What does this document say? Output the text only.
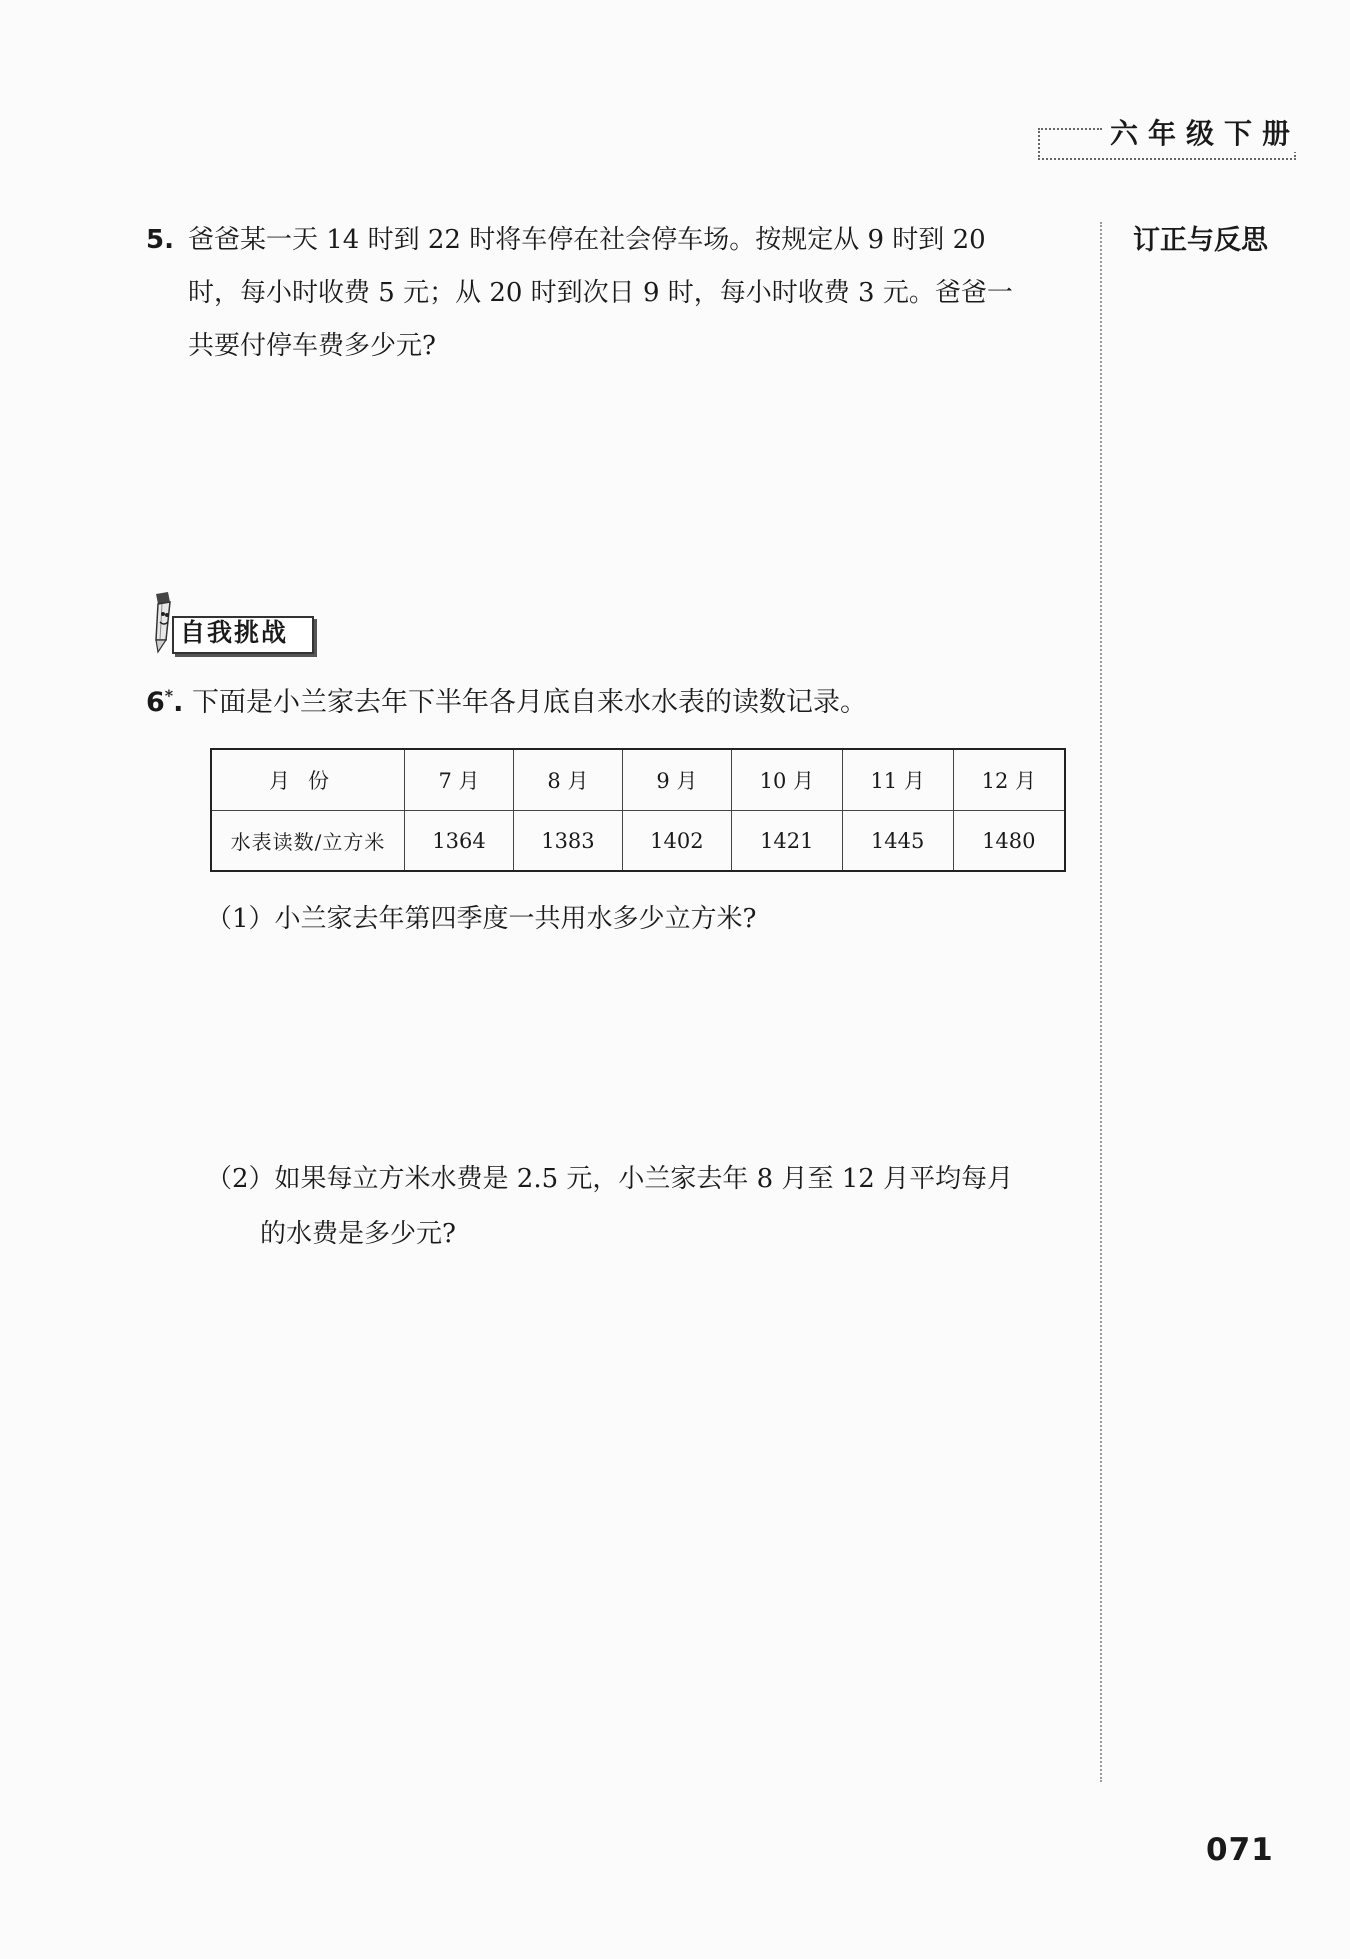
六年级下册
订正与反思
5. 爸爸某一天 14 时到 22 时将车停在社会停车场。按规定从 9 时到 20
时，每小时收费 5 元；从 20 时到次日 9 时，每小时收费 3 元。爸爸一
共要付停车费多少元?
自我挑战
6*. 下面是小兰家去年下半年各月底自来水水表的读数记录。
月份	7 月	8 月	9 月	10 月	11 月	12 月
水表读数/立方米	1364	1383	1402	1421	1445	1480
（1）小兰家去年第四季度一共用水多少立方米?
（2）如果每立方米水费是 2.5 元，小兰家去年 8 月至 12 月平均每月
的水费是多少元?
071
